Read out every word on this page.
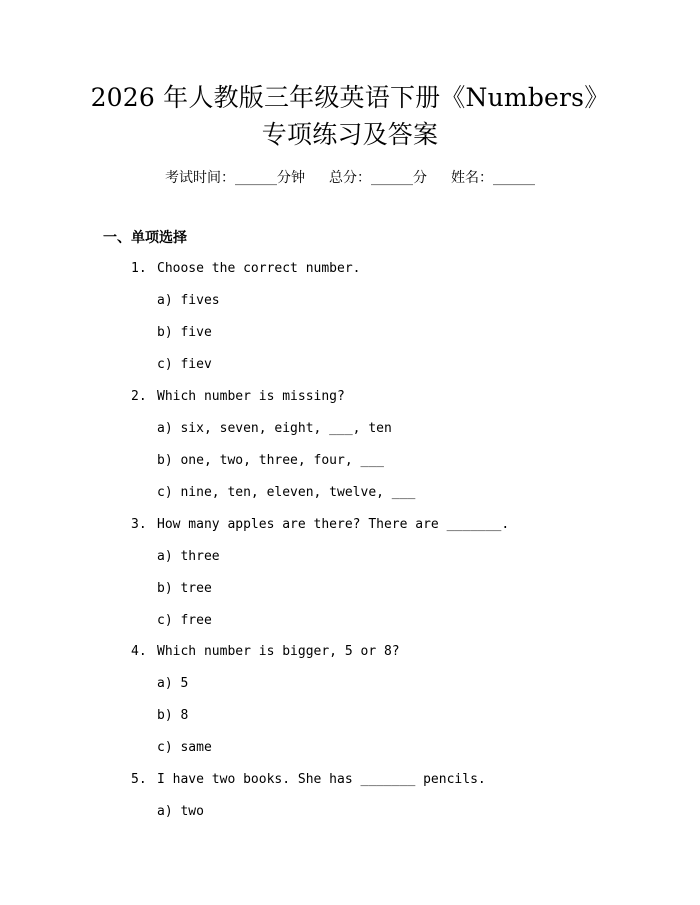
2026 年人教版三年级英语下册《Numbers》
专项练习及答案
考试时间：______分钟 总分：______分 姓名：______
一、单项选择
1. Choose the correct number.
a) fives
b) five
c) fiev
2. Which number is missing?
a) six, seven, eight, ___, ten
b) one, two, three, four, ___
c) nine, ten, eleven, twelve, ___
3. How many apples are there? There are _______.
a) three
b) tree
c) free
4. Which number is bigger, 5 or 8?
a) 5
b) 8
c) same
5. I have two books. She has _______ pencils.
a) two
